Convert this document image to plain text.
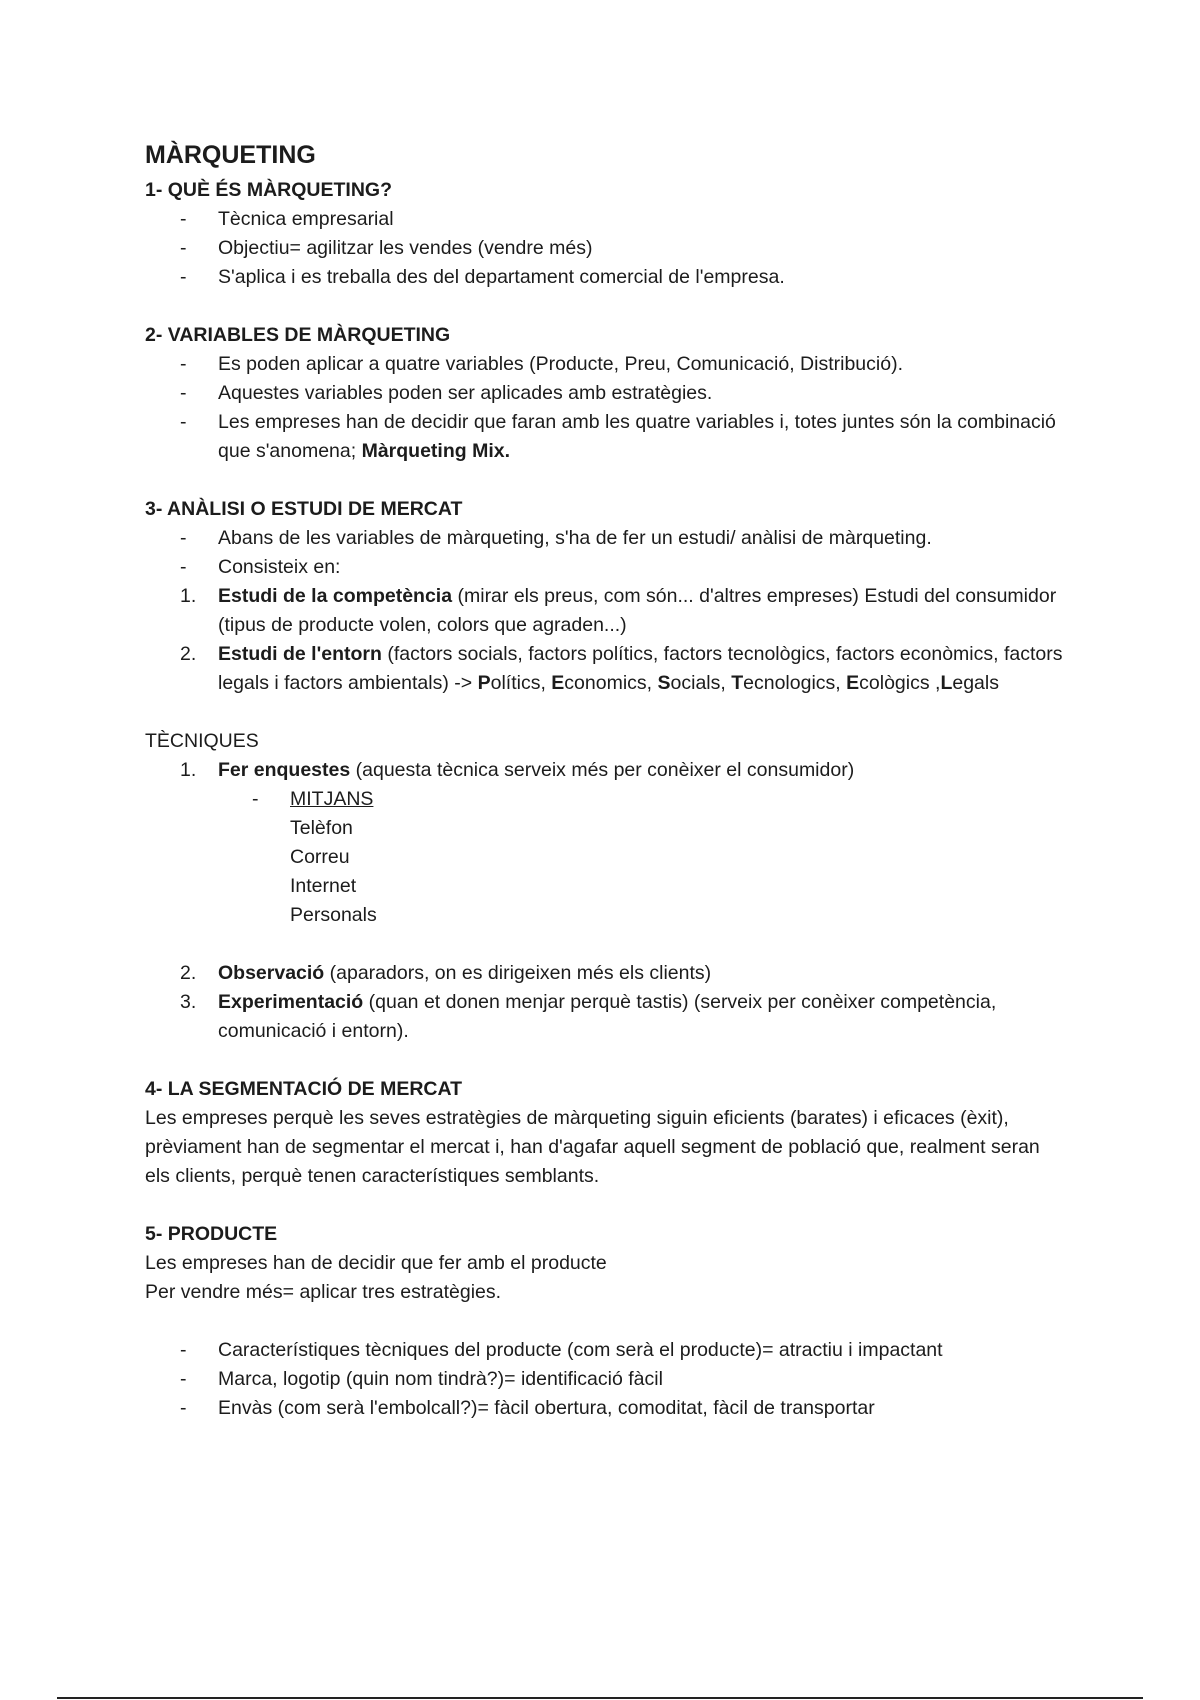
MÀRQUETING
1- QUÈ ÉS MÀRQUETING?
- Tècnica empresarial
- Objectiu= agilitzar les vendes (vendre més)
- S'aplica i es treballa des del departament comercial de l'empresa.
2- VARIABLES DE MÀRQUETING
- Es poden aplicar a quatre variables (Producte, Preu, Comunicació, Distribució).
- Aquestes variables poden ser aplicades amb estratègies.
- Les empreses han de decidir que faran amb les quatre variables i, totes juntes són la combinació que s'anomena; Màrqueting Mix.
3- ANÀLISI O ESTUDI DE MERCAT
- Abans de les variables de màrqueting, s'ha de fer un estudi/ anàlisi de màrqueting.
- Consisteix en:
1. Estudi de la competència (mirar els preus, com són... d'altres empreses) Estudi del consumidor (tipus de producte volen, colors que agraden...)
2. Estudi de l'entorn (factors socials, factors polítics, factors tecnològics, factors econòmics, factors legals i factors ambientals) -> Polítics, Economics, Socials, Tecnologics, Ecològics ,Legals
TÈCNIQUES
1. Fer enquestes (aquesta tècnica serveix més per conèixer el consumidor)
- MITJANS
Telèfon
Correu
Internet
Personals
2. Observació (aparadors, on es dirigeixen més els clients)
3. Experimentació (quan et donen menjar perquè tastis) (serveix per conèixer competència, comunicació i entorn).
4- LA SEGMENTACIÓ DE MERCAT
Les empreses perquè les seves estratègies de màrqueting siguin eficients (barates) i eficaces (èxit), prèviament han de segmentar el mercat i, han d'agafar aquell segment de població que, realment seran els clients, perquè tenen característiques semblants.
5- PRODUCTE
Les empreses han de decidir que fer amb el producte
Per vendre més= aplicar tres estratègies.
- Característiques tècniques del producte (com serà el producte)= atractiu i impactant
- Marca, logotip (quin nom tindrà?)= identificació fàcil
- Envàs (com serà l'embolcall?)= fàcil obertura, comoditat, fàcil de transportar
